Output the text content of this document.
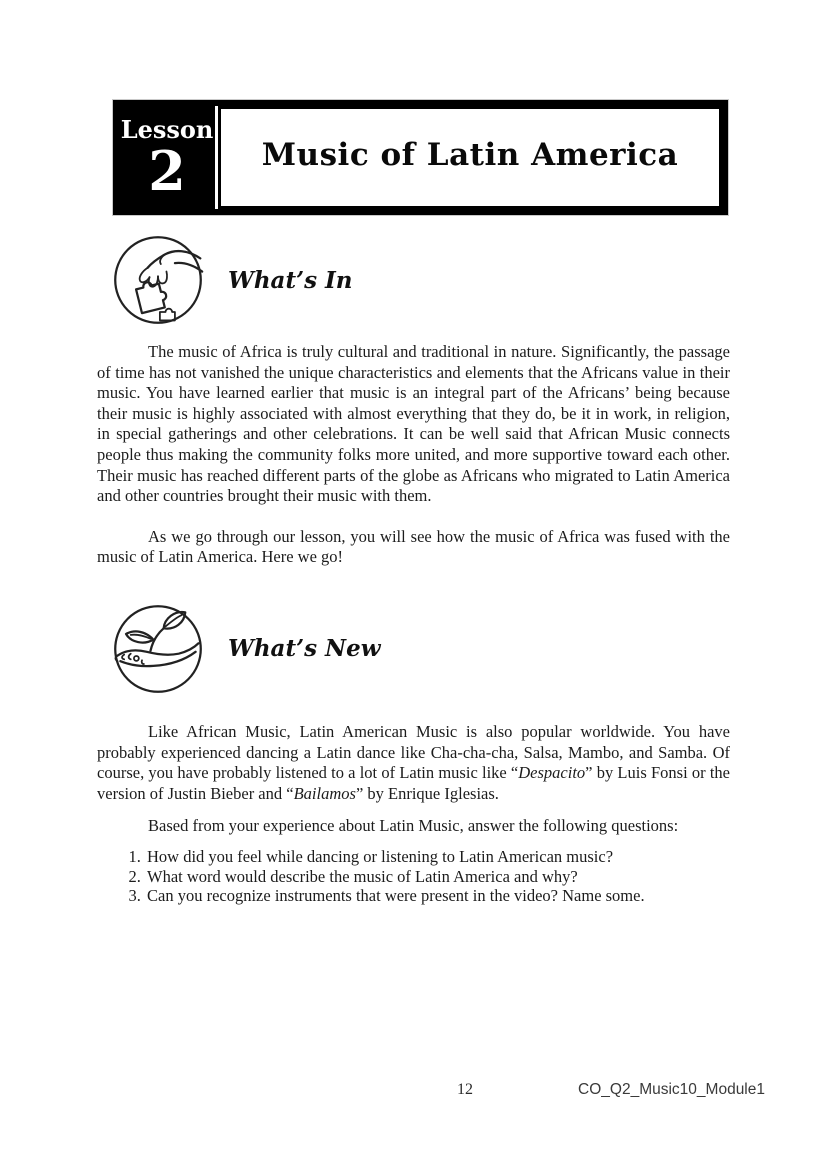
Lesson
2 Music of Latin America
What’s In

The music of Africa is truly cultural and traditional in nature. Significantly, the passage of time has not vanished the unique characteristics and elements that the Africans value in their music. You have learned earlier that music is an integral part of the Africans’ being because their music is highly associated with almost everything that they do, be it in work, in religion, in special gatherings and other celebrations. It can be well said that African Music connects people thus making the community folks more united, and more supportive toward each other. Their music has reached different parts of the globe as Africans who migrated to Latin America and other countries brought their music with them.

As we go through our lesson, you will see how the music of Africa was fused with the music of Latin America. Here we go!

What’s New

Like African Music, Latin American Music is also popular worldwide. You have probably experienced dancing a Latin dance like Cha-cha-cha, Salsa, Mambo, and Samba. Of course, you have probably listened to a lot of Latin music like “Despacito” by Luis Fonsi or the version of Justin Bieber and “Bailamos” by Enrique Iglesias.

Based from your experience about Latin Music, answer the following questions:

1. How did you feel while dancing or listening to Latin American music?
2. What word would describe the music of Latin America and why?
3. Can you recognize instruments that were present in the video? Name some.
12	CO_Q2_Music10_Module1
